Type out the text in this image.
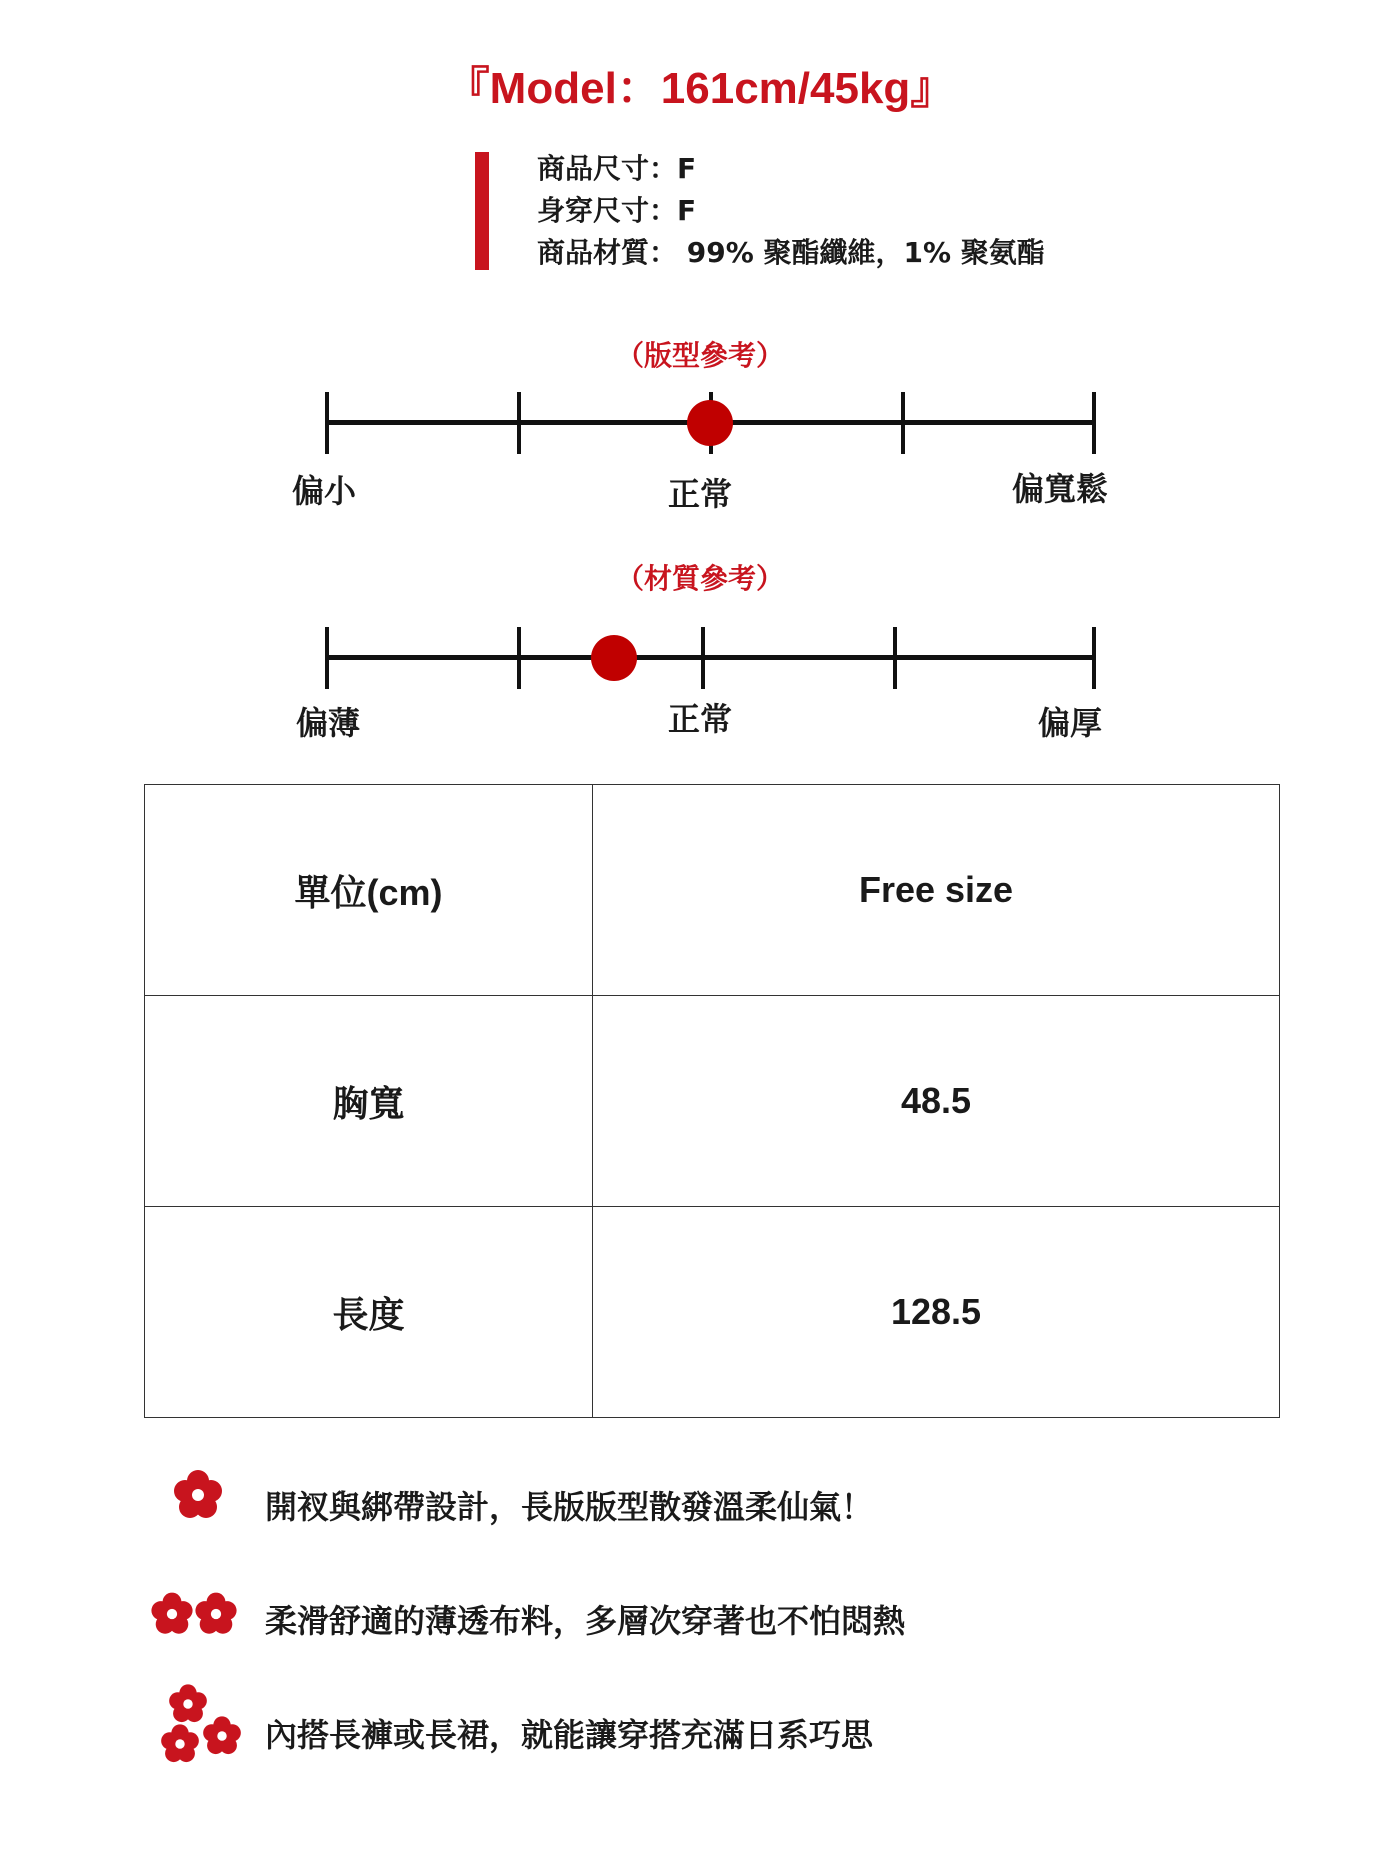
『Model：161cm/45kg』
商品尺寸：F
身穿尺寸：F
商品材質： 99% 聚酯纖維，1% 聚氨酯
（版型參考）
偏小	正常	偏寬鬆
（材質參考）
偏薄	正常	偏厚
單位(cm)	Free size
胸寬	48.5
長度	128.5
開衩與綁帶設計，長版版型散發溫柔仙氣！
柔滑舒適的薄透布料，多層次穿著也不怕悶熱
內搭長褲或長裙，就能讓穿搭充滿日系巧思
